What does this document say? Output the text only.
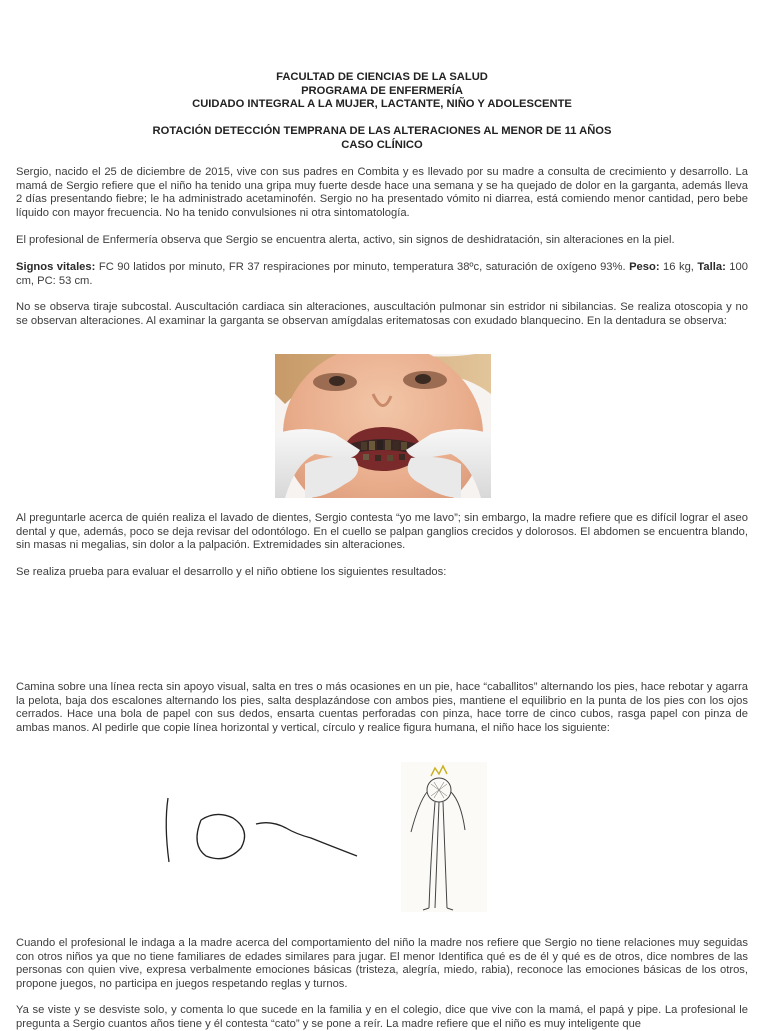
FACULTAD DE CIENCIAS DE LA SALUD
PROGRAMA DE ENFERMERÍA
CUIDADO INTEGRAL A LA MUJER, LACTANTE, NIÑO Y ADOLESCENTE
ROTACIÓN DETECCIÓN TEMPRANA DE LAS ALTERACIONES AL MENOR DE 11 AÑOS
CASO CLÍNICO
Sergio, nacido el 25 de diciembre de 2015, vive con sus padres en Combita y es llevado por su madre a consulta de crecimiento y desarrollo. La mamá de Sergio refiere que el niño ha tenido una gripa muy fuerte desde hace una semana y se ha quejado de dolor en la garganta, además lleva 2 días presentando fiebre; le ha administrado acetaminofén. Sergio no ha presentado vómito ni diarrea, está comiendo menor cantidad, pero bebe líquido con mayor frecuencia. No ha tenido convulsiones ni otra sintomatología.
El profesional de Enfermería observa que Sergio se encuentra alerta, activo, sin signos de deshidratación, sin alteraciones en la piel.
Signos vitales: FC 90 latidos por minuto, FR 37 respiraciones por minuto, temperatura 38ºc, saturación de oxígeno 93%. Peso: 16 kg, Talla: 100 cm, PC: 53 cm.
No se observa tiraje subcostal. Auscultación cardiaca sin alteraciones, auscultación pulmonar sin estridor ni sibilancias. Se realiza otoscopia y no se observan alteraciones. Al examinar la garganta se observan amígdalas eritematosas con exudado blanquecino. En la dentadura se observa:
Al preguntarle acerca de quién realiza el lavado de dientes, Sergio contesta “yo me lavo”; sin embargo, la madre refiere que es difícil lograr el aseo dental y que, además, poco se deja revisar del odontólogo. En el cuello se palpan ganglios crecidos y dolorosos. El abdomen se encuentra blando, sin masas ni megalias, sin dolor a la palpación. Extremidades sin alteraciones.
Se realiza prueba para evaluar el desarrollo y el niño obtiene los siguientes resultados:
Camina sobre una línea recta sin apoyo visual, salta en tres o más ocasiones en un pie, hace “caballitos” alternando los pies, hace rebotar y agarra la pelota, baja dos escalones alternando los pies, salta desplazándose con ambos pies, mantiene el equilibrio en la punta de los pies con los ojos cerrados. Hace una bola de papel con sus dedos, ensarta cuentas perforadas con pinza, hace torre de cinco cubos, rasga papel con pinza de ambas manos. Al pedirle que copie línea horizontal y vertical, círculo y realice figura humana, el niño hace los siguiente:
Cuando el profesional le indaga a la madre acerca del comportamiento del niño la madre nos refiere que Sergio no tiene relaciones muy seguidas con otros niños ya que no tiene familiares de edades similares para jugar. El menor Identifica qué es de él y qué es de otros, dice nombres de las personas con quien vive, expresa verbalmente emociones básicas (tristeza, alegría, miedo, rabia), reconoce las emociones básicas de los otros, propone juegos, no participa en juegos respetando reglas y turnos.
Ya se viste y se desviste solo, y comenta lo que sucede en la familia y en el colegio, dice que vive con la mamá, el papá y pipe. La profesional le pregunta a Sergio cuantos años tiene y él contesta “cato” y se pone a reír. La madre refiere que el niño es muy inteligente que
